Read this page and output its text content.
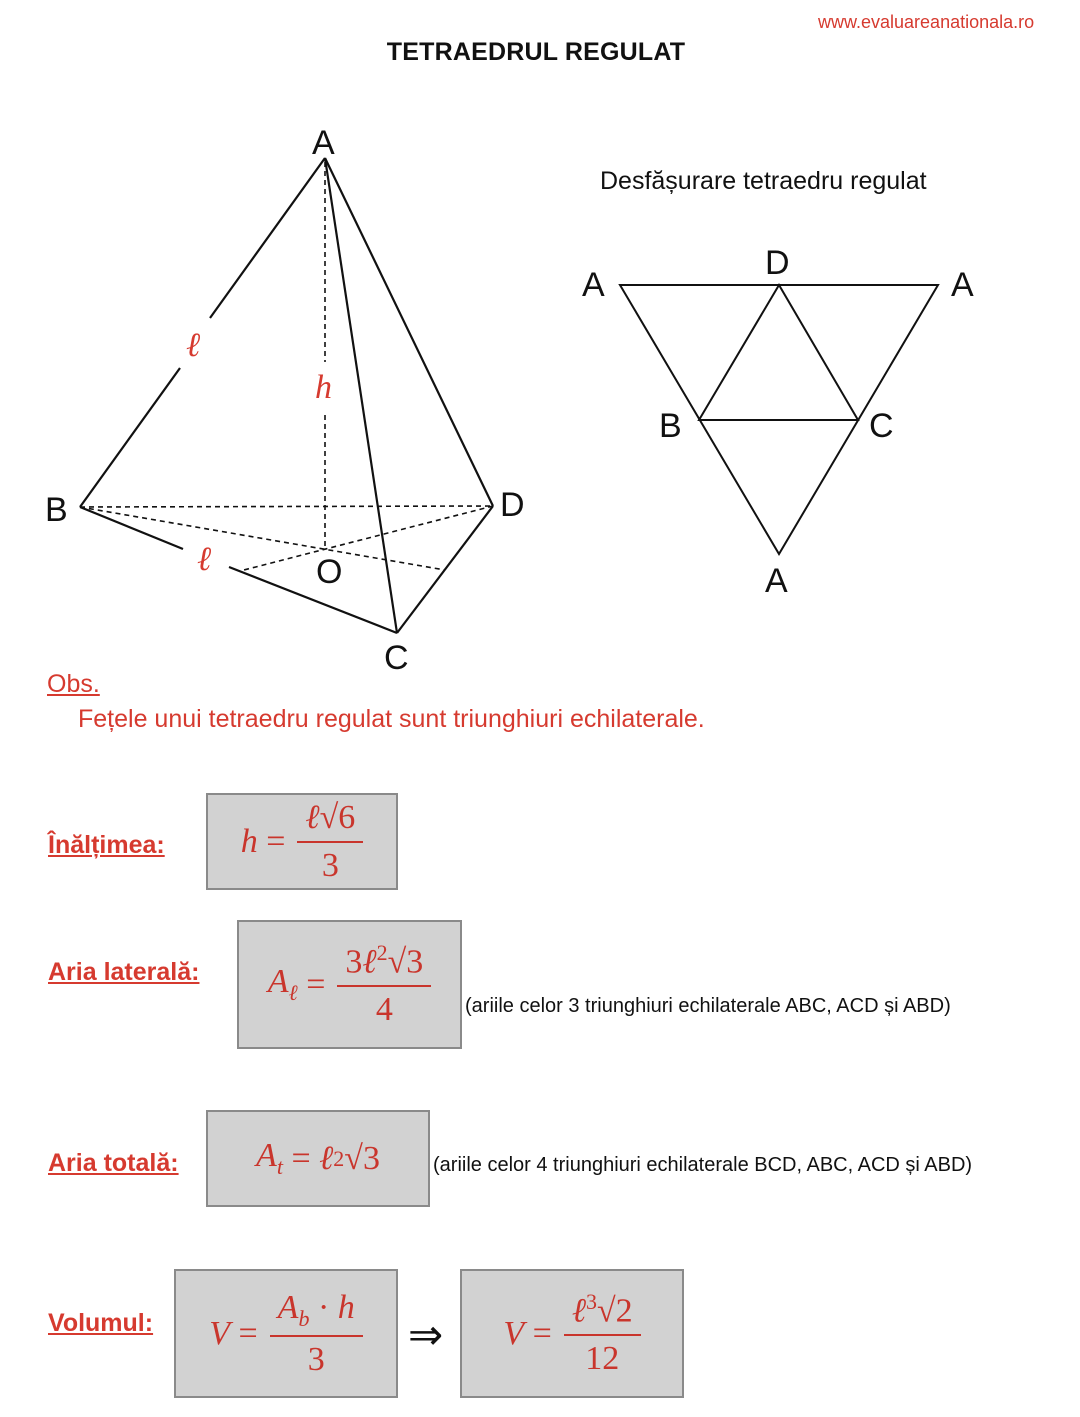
www.evaluareanationala.ro
TETRAEDRUL REGULAT
A
B	D
C
O
ℓ
ℓ
h
Desfășurare tetraedru regulat
A	A
D
B	C
A
Obs.
Fețele unui tetraedru regulat sunt triunghiuri echilaterale.
Înălțimea: $h = \frac{\text{ℓ√6}}{3}$
Aria laterală: $A_\ell = \frac{3\ell^2√3}{4}$ (ariile celor 3 triunghiuri echilaterale ABC, ACD și ABD)
Aria totală: $A_t$ = ℓ 2 √3	(ariile celor 4 triunghiuri echilaterale BCD, ABC, ACD și ABD)
Volumul: $V = \frac{A_b \cdot h}{3}$ ⇒ $V = \frac{\ell^3√2}{12}$
